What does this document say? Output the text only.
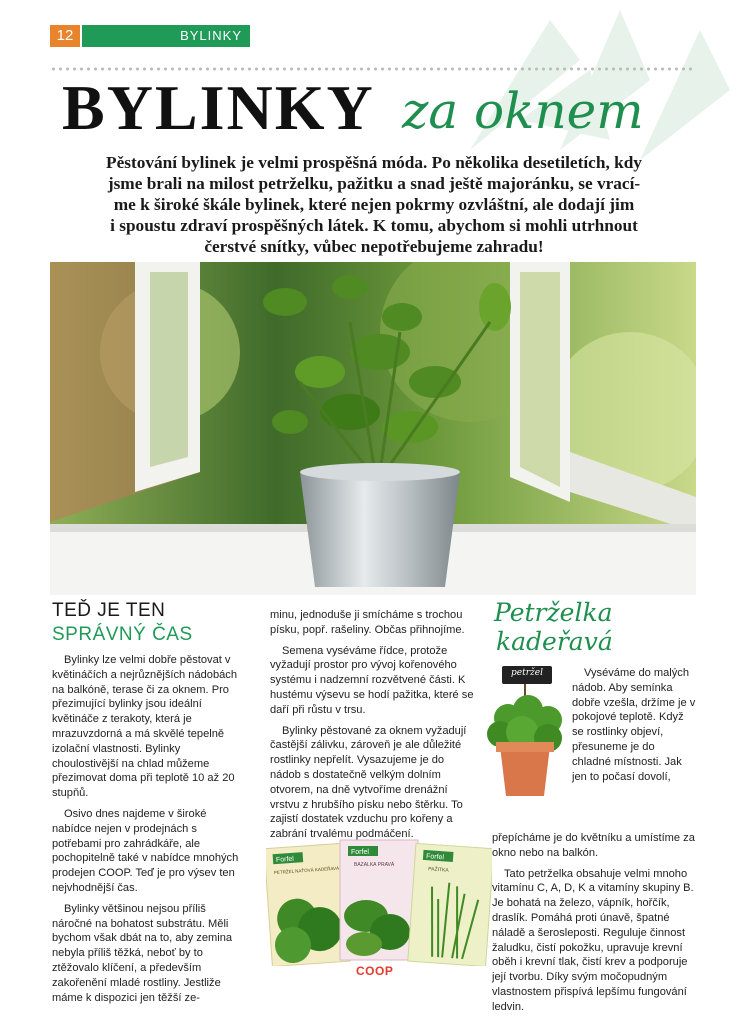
12	BYLINKY
BYLINKY za oknem
Pěstování bylinek je velmi prospěšná móda. Po několika desetiletích, kdy
jsme brali na milost petrželku, pažitku a snad ještě majoránku, se vrací-
me k široké škále bylinek, které nejen pokrmy ozvláštní, ale dodají jim
i spoustu zdraví prospěšných látek. K tomu, abychom si mohli utrhnout
čerstvé snítky, vůbec nepotřebujeme zahradu!
TEĎ JE TEN
SPRÁVNÝ ČAS

Bylinky lze velmi dobře pěstovat v květináčích a nejrůznějších nádobách na balkóně, terase či za oknem. Pro přezimující bylinky jsou ideální květináče z terakoty, která je mrazuvzdorná a má skvělé tepelně izolační vlastnosti. Bylinky choulostivější na chlad můžeme přezimovat doma při teplotě 10 až 20 stupňů.

Osivo dnes najdeme v široké nabídce nejen v prodejnách s potřebami pro zahrádkáře, ale pochopitelně také v nabídce mnohých prodejen COOP. Teď je pro výsev ten nejvhodnější čas.

Bylinky většinou nejsou příliš náročné na bohatost substrátu. Měli bychom však dbát na to, aby zemina nebyla příliš těžká, neboť by to ztěžovalo klíčení, a především zakořenění mladé rostliny. Jestliže máme k dispozici jen těžší ze-

minu, jednoduše ji smícháme s trochou písku, popř. rašeliny. Občas přihnojíme.

Semena vyséváme řídce, protože vyžadují prostor pro vývoj kořenového systému i nadzemní rozvětvené části. K hustému výsevu se hodí pažitka, které se daří při růstu v trsu.

Bylinky pěstované za oknem vyžadují častější zálivku, zároveň je ale důležité rostlinky nepřelít. Vysazujeme je do nádob s dostatečně velkým dolním otvorem, na dně vytvoříme drenážní vrstvu z hrubšího písku nebo štěrku. To zajistí dostatek vzduchu pro kořeny a zabrání trvalému podmáčení.

Forfel
PETRŽEL NAŤOVÁ KADEŘAVÁ
Forfel
BAZALKA PRAVÁ
Forfel
PAŽITKA
COOP
Petrželka
kadeřavá
petržel	Vyséváme do malých nádob. Aby semínka dobře vzešla, držíme je v pokojové teplotě. Když se rostlinky objeví, přesuneme je do chladné místnosti. Jak jen to počasí dovolí,

přepícháme je do květníku a umístíme za okno nebo na balkón.

Tato petrželka obsahuje velmi mnoho vitamínu C, A, D, K a vitamíny skupiny B. Je bohatá na železo, vápník, hořčík, draslík. Pomáhá proti únavě, špatné náladě a šerosleposti. Reguluje činnost žaludku, čistí pokožku, upravuje krevní oběh i krevní tlak, čistí krev a podporuje její tvorbu. Díky svým močopudným vlastnostem přispívá lepšímu fungování ledvin.
